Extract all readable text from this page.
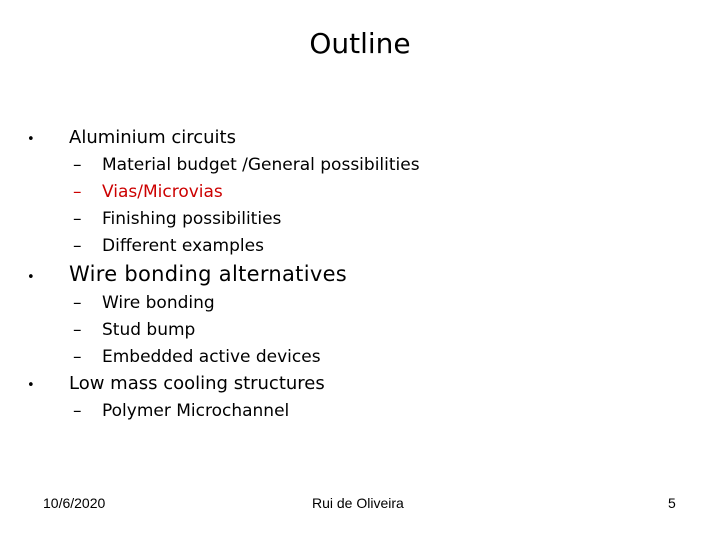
Outline
•	Aluminium circuits
–	Material budget /General possibilities
–	Vias/Microvias
–	Finishing possibilities
–	Different examples
•	Wire bonding alternatives
–	Wire bonding
–	Stud bump
–	Embedded active devices
•	Low mass cooling structures
–	Polymer Microchannel
10/6/2020	Rui de Oliveira	5
